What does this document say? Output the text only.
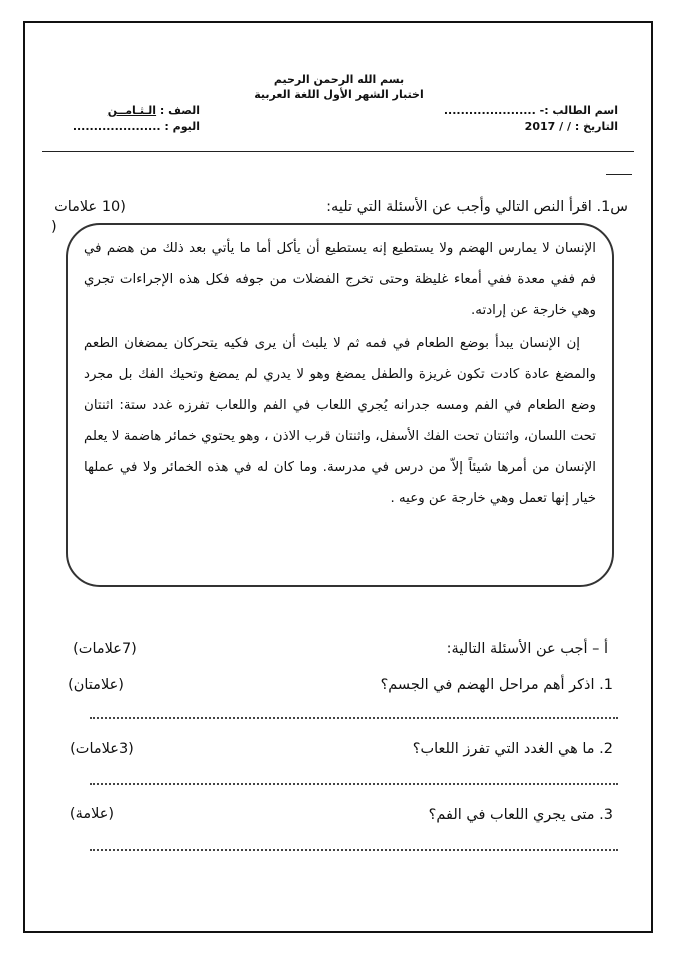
بسم الله الرحمن الرحيم
اختبار الشهر الأول اللغة العربية
اسم الطالب :- ......................
التاريخ : / / 2017
الصف : الـثـامــن
اليوم : .....................
س1. اقرأ النص التالي وأجب عن الأسئلة التي تليه:
(10 علامات
)

الإنسان لا يمارس الهضم ولا يستطيع إنه يستطيع أن يأكل أما ما يأتي بعد ذلك من هضم في فم ففي معدة ففي أمعاء غليظة وحتى تخرج الفضلات من جوفه فكل هذه الإجراءات تجري وهي خارجة عن إرادته.

إن الإنسان يبدأ بوضع الطعام في فمه ثم لا يلبث أن يرى فكيه يتحركان يمضغان الطعم والمضغ عادة كادت تكون غريزة والطفل يمضغ وهو لا يدري لم يمضغ وتحيك الفك بل مجرد وضع الطعام في الفم ومسه جدرانه يُجري اللعاب في الفم واللعاب تفرزه غدد ستة: اثنتان تحت اللسان، واثنتان تحت الفك الأسفل، واثنتان قرب الاذن ، وهو يحتوي خمائر هاضمة لا يعلم الإنسان من أمرها شيئاً إلاّ من درس في مدرسة. وما كان له في هذه الخمائر ولا في عملها خيار إنها تعمل وهي خارجة عن وعيه .

أ – أجب عن الأسئلة التالية:
(7علامات)
1. اذكر أهم مراحل الهضم في الجسم؟
(علامتان)
2. ما هي الغدد التي تفرز اللعاب؟
(3علامات)
3. متى يجري اللعاب في الفم؟
(علامة)
